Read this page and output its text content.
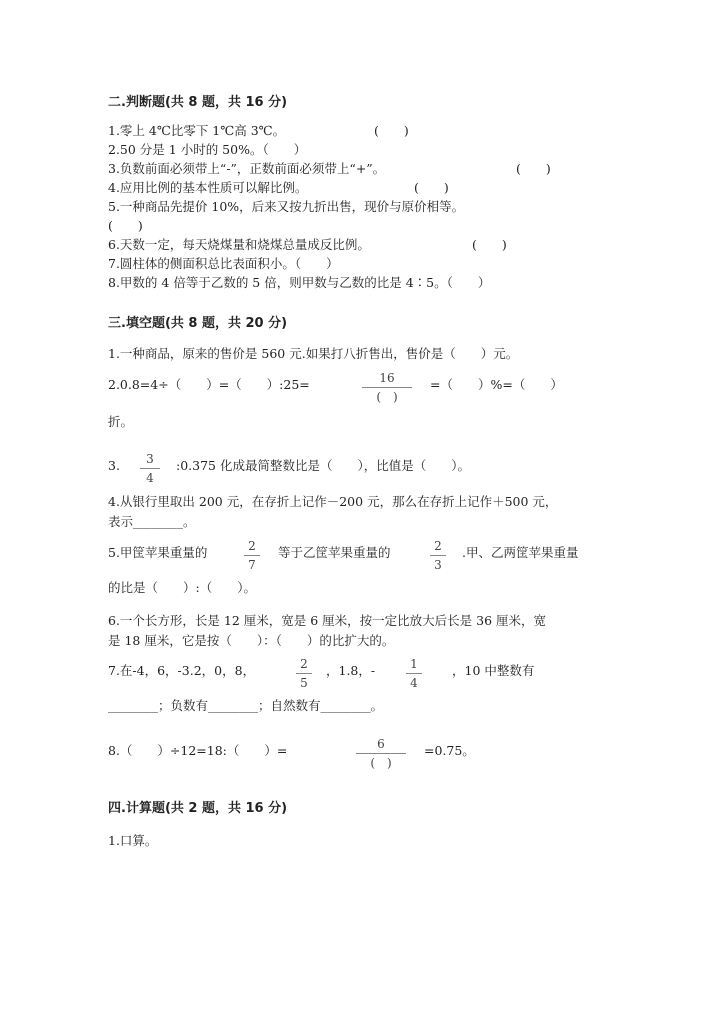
二.判断题(共 8 题，共 16 分)
1.零上 4℃比零下 1℃高 3℃。	(　　)
2.50 分是 1 小时的 50%。（　　）
3.负数前面必须带上“-”，正数前面必须带上“+”。	(　　)
4.应用比例的基本性质可以解比例。	(　　)
5.一种商品先提价 10%，后来又按九折出售，现价与原价相等。
(　　)
6.天数一定，每天烧煤量和烧煤总量成反比例。	(　　)
7.圆柱体的侧面积总比表面积小。（　　）
8.甲数的 4 倍等于乙数的 5 倍，则甲数与乙数的比是 4∶5。（　　）
三.填空题(共 8 题，共 20 分)
1.一种商品，原来的售价是 560 元.如果打八折售出，售价是（　　）元。
2.0.8=4÷（　　）=（　　）:25=	16
(　)
=（　　）%=（　　）
折。
3.	3
4
:0.375 化成最简整数比是（　　），比值是（　　）。
4.从银行里取出 200 元，在存折上记作－200 元，那么在存折上记作＋500 元，
表示________。
5.甲筐苹果重量的	2
7
等于乙筐苹果重量的	2
3
.甲、乙两筐苹果重量
的比是（　　）:（　　）。
6.一个长方形，长是 12 厘米，宽是 6 厘米，按一定比放大后长是 36 厘米，宽
是 18 厘米，它是按（　　）：（　　）的比扩大的。
7.在-4，6，-3.2，0，8，	2
5
，1.8，-	1
4
，10 中整数有
________；负数有________；自然数有________。
8.（　　）÷12=18:（　　）=	6
(　)
=0.75。
四.计算题(共 2 题，共 16 分)
1.口算。
